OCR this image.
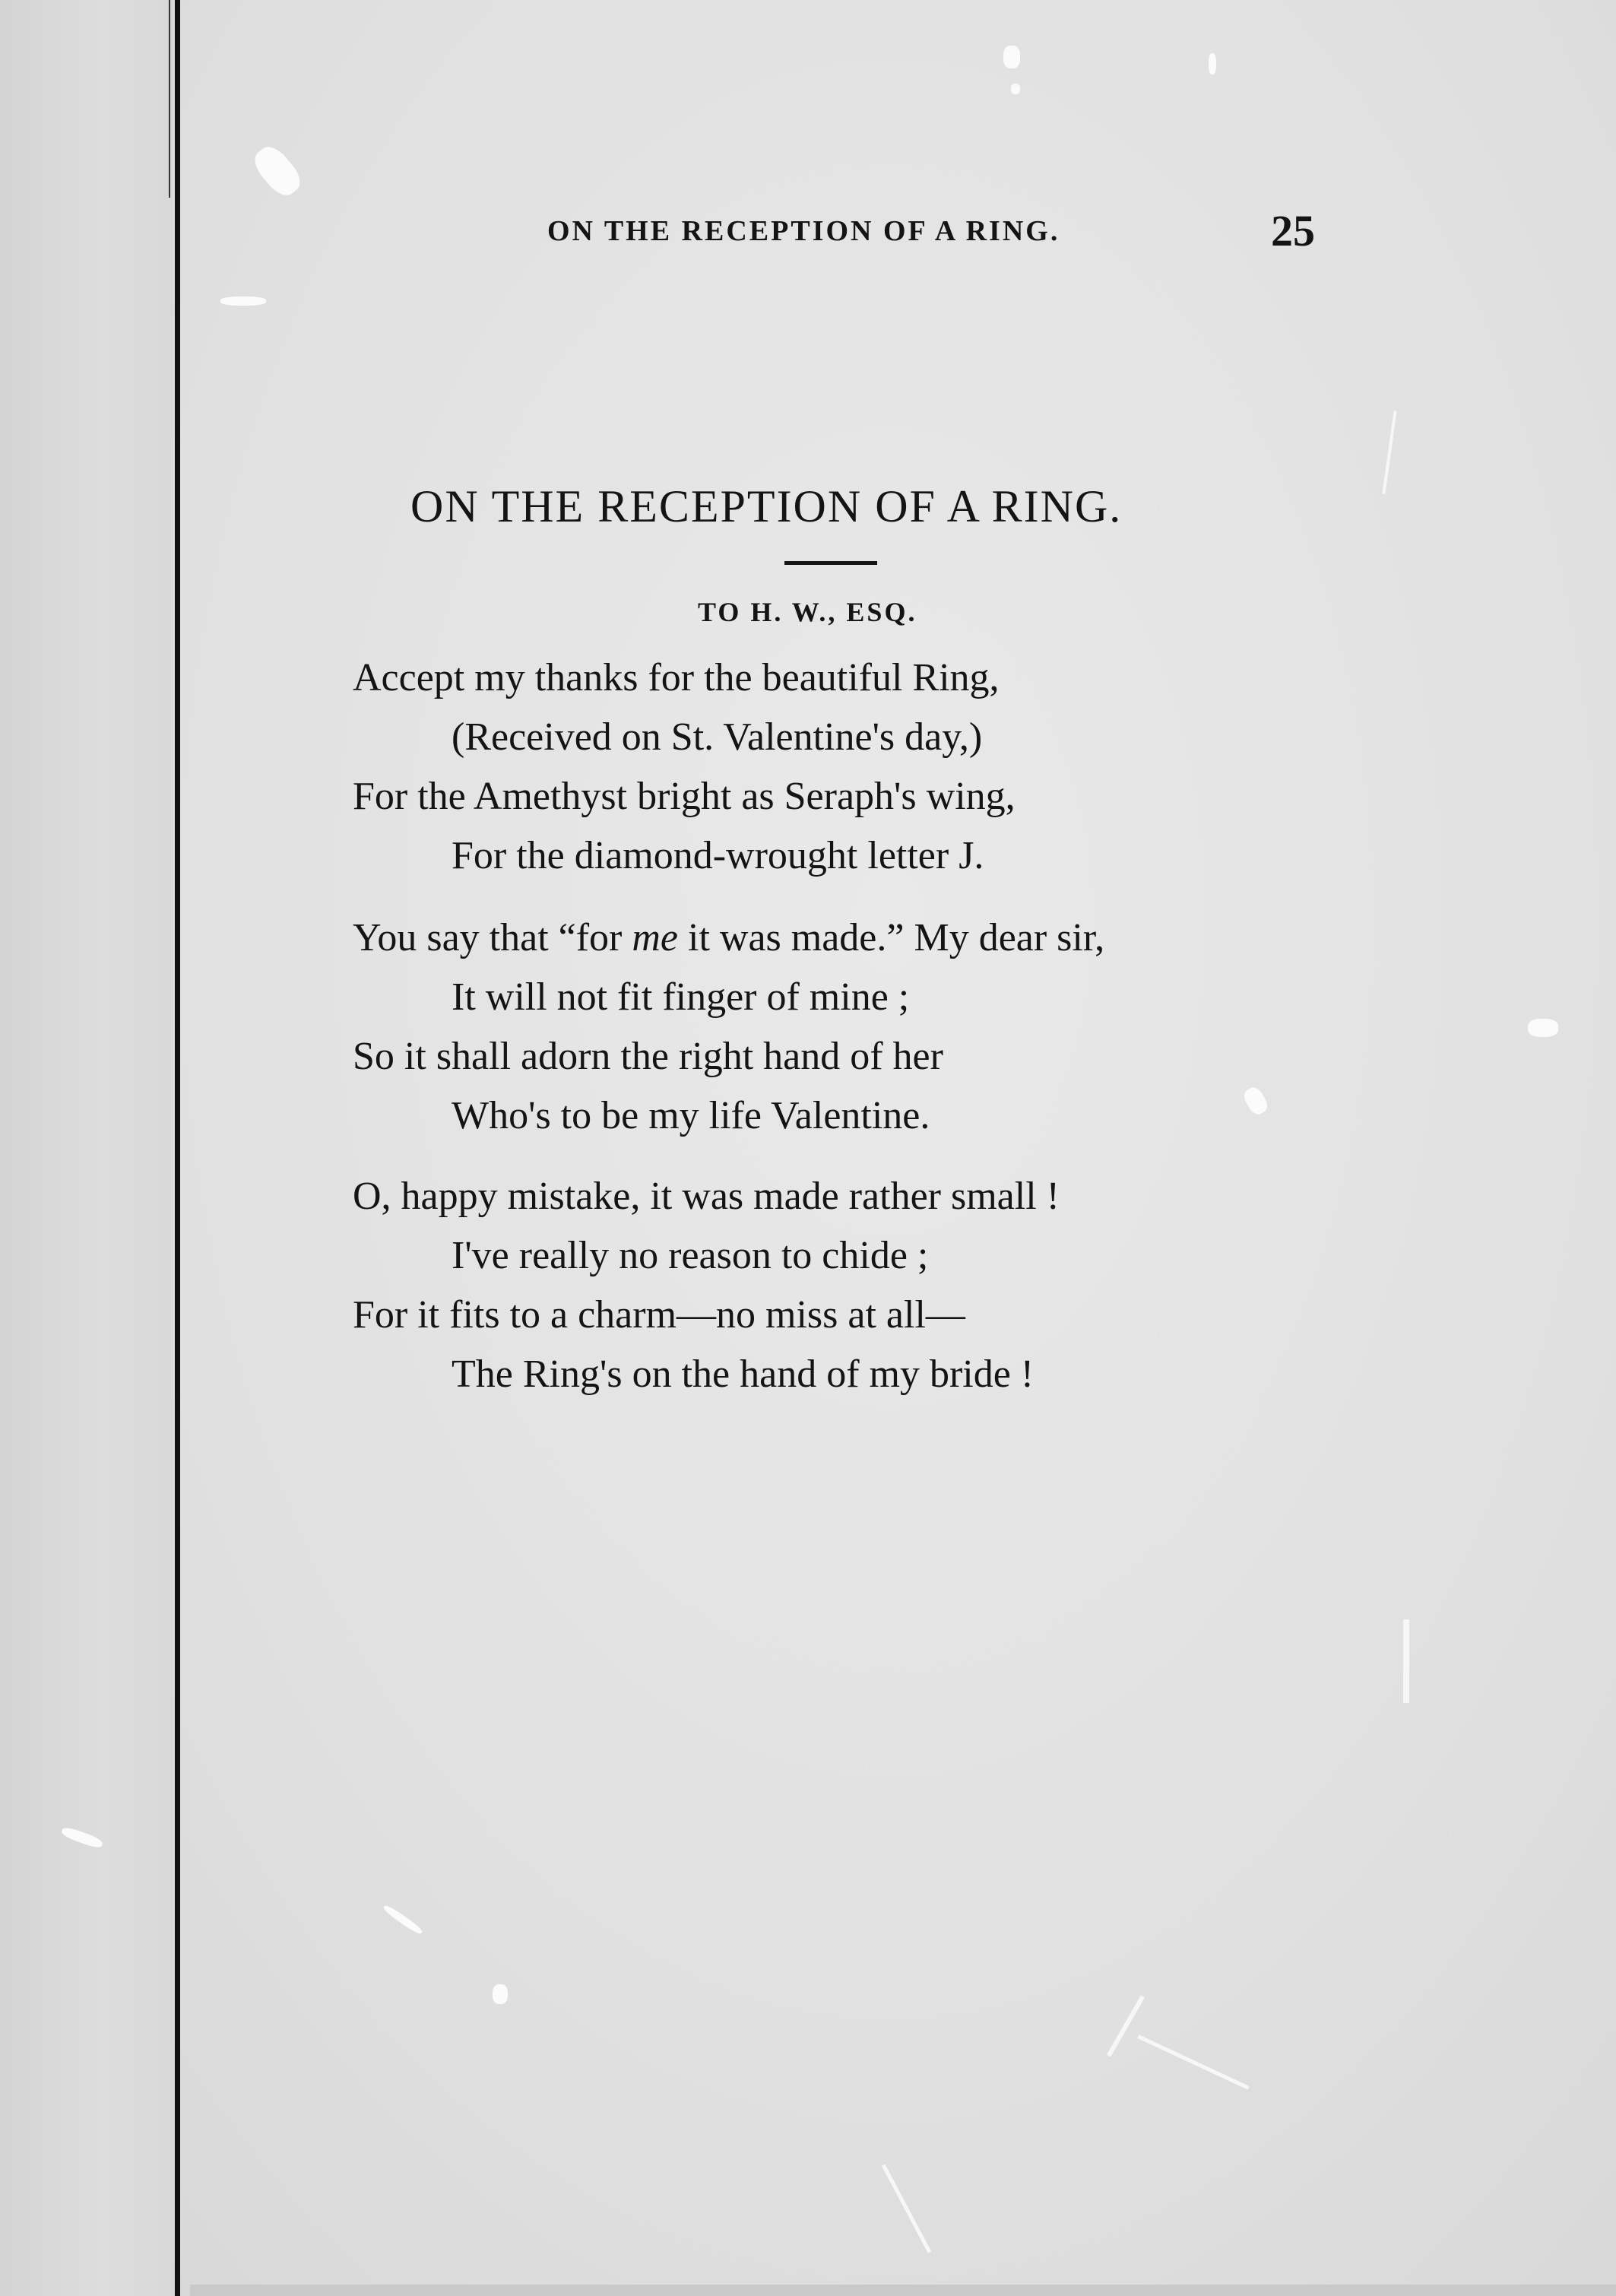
ON THE RECEPTION OF A RING.	25
ON THE RECEPTION OF A RING.
TO H. W., ESQ.
Accept my thanks for the beautiful Ring,
(Received on St. Valentine's day,)
For the Amethyst bright as Seraph's wing,
For the diamond-wrought letter J.
You say that “for me it was made.” My dear sir,
It will not fit finger of mine ;
So it shall adorn the right hand of her
Who's to be my life Valentine.
O, happy mistake, it was made rather small !
I've really no reason to chide ;
For it fits to a charm—no miss at all—
The Ring's on the hand of my bride !
